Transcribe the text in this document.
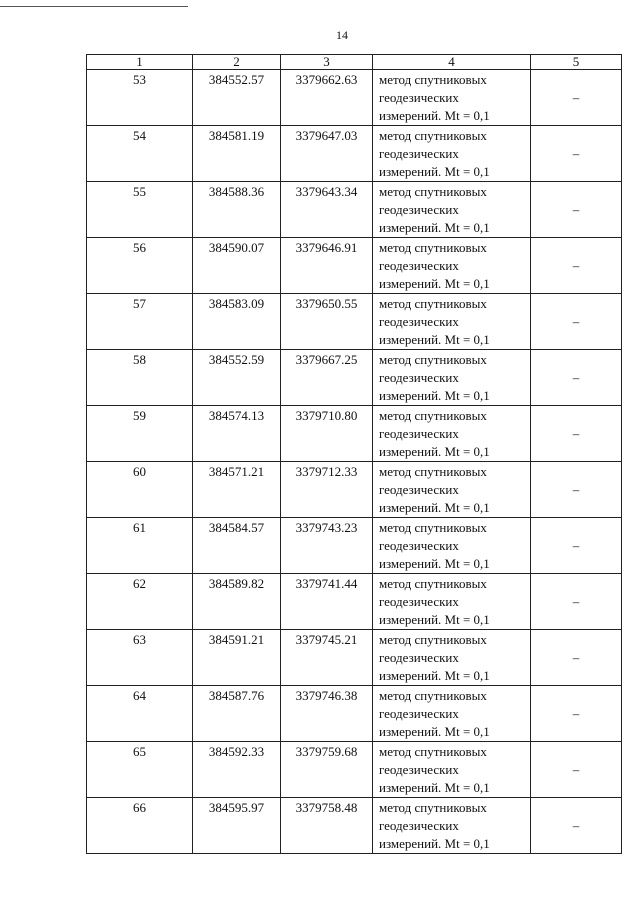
14
1	2	3	4	5
53	384552.57	3379662.63	метод спутниковых
геодезических
измерений. Mt = 0,1	–
54	384581.19	3379647.03	метод спутниковых
геодезических
измерений. Mt = 0,1	–
55	384588.36	3379643.34	метод спутниковых
геодезических
измерений. Mt = 0,1	–
56	384590.07	3379646.91	метод спутниковых
геодезических
измерений. Mt = 0,1	–
57	384583.09	3379650.55	метод спутниковых
геодезических
измерений. Mt = 0,1	–
58	384552.59	3379667.25	метод спутниковых
геодезических
измерений. Mt = 0,1	–
59	384574.13	3379710.80	метод спутниковых
геодезических
измерений. Mt = 0,1	–
60	384571.21	3379712.33	метод спутниковых
геодезических
измерений. Mt = 0,1	–
61	384584.57	3379743.23	метод спутниковых
геодезических
измерений. Mt = 0,1	–
62	384589.82	3379741.44	метод спутниковых
геодезических
измерений. Mt = 0,1	–
63	384591.21	3379745.21	метод спутниковых
геодезических
измерений. Mt = 0,1	–
64	384587.76	3379746.38	метод спутниковых
геодезических
измерений. Mt = 0,1	–
65	384592.33	3379759.68	метод спутниковых
геодезических
измерений. Mt = 0,1	–
66	384595.97	3379758.48	метод спутниковых
геодезических
измерений. Mt = 0,1	–
